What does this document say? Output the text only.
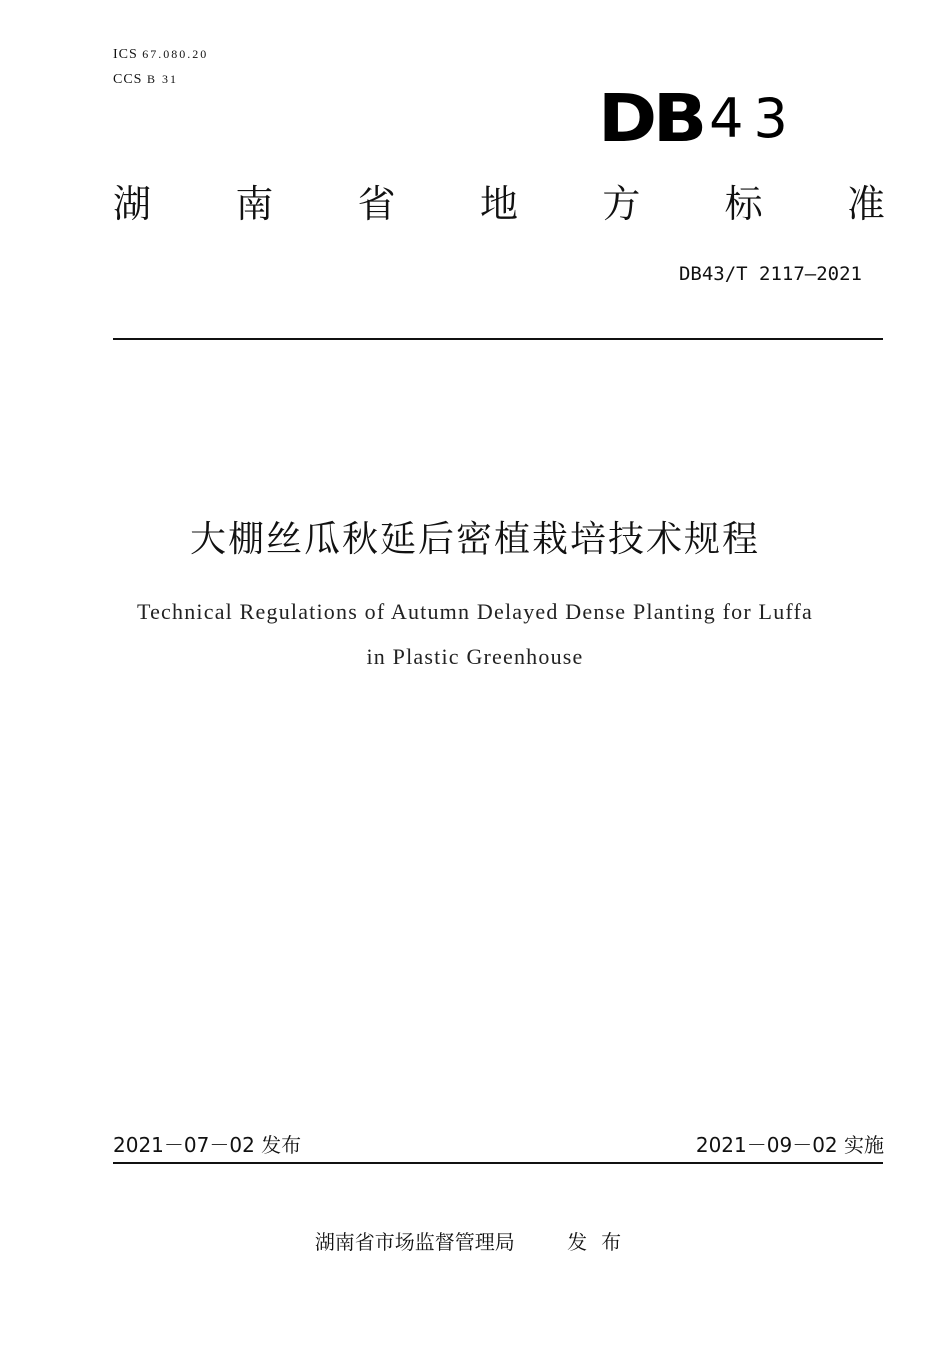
ICS 67.080.20
CCS B 31
DB 43
湖 南 省 地 方 标 准
DB43/T 2117—2021
大棚丝瓜秋延后密植栽培技术规程
Technical Regulations of Autumn Delayed Dense Planting for Luffa
in Plastic Greenhouse
2021－07－02 发布	2021－09－02 实施
湖南省市场监督管理局	发布
